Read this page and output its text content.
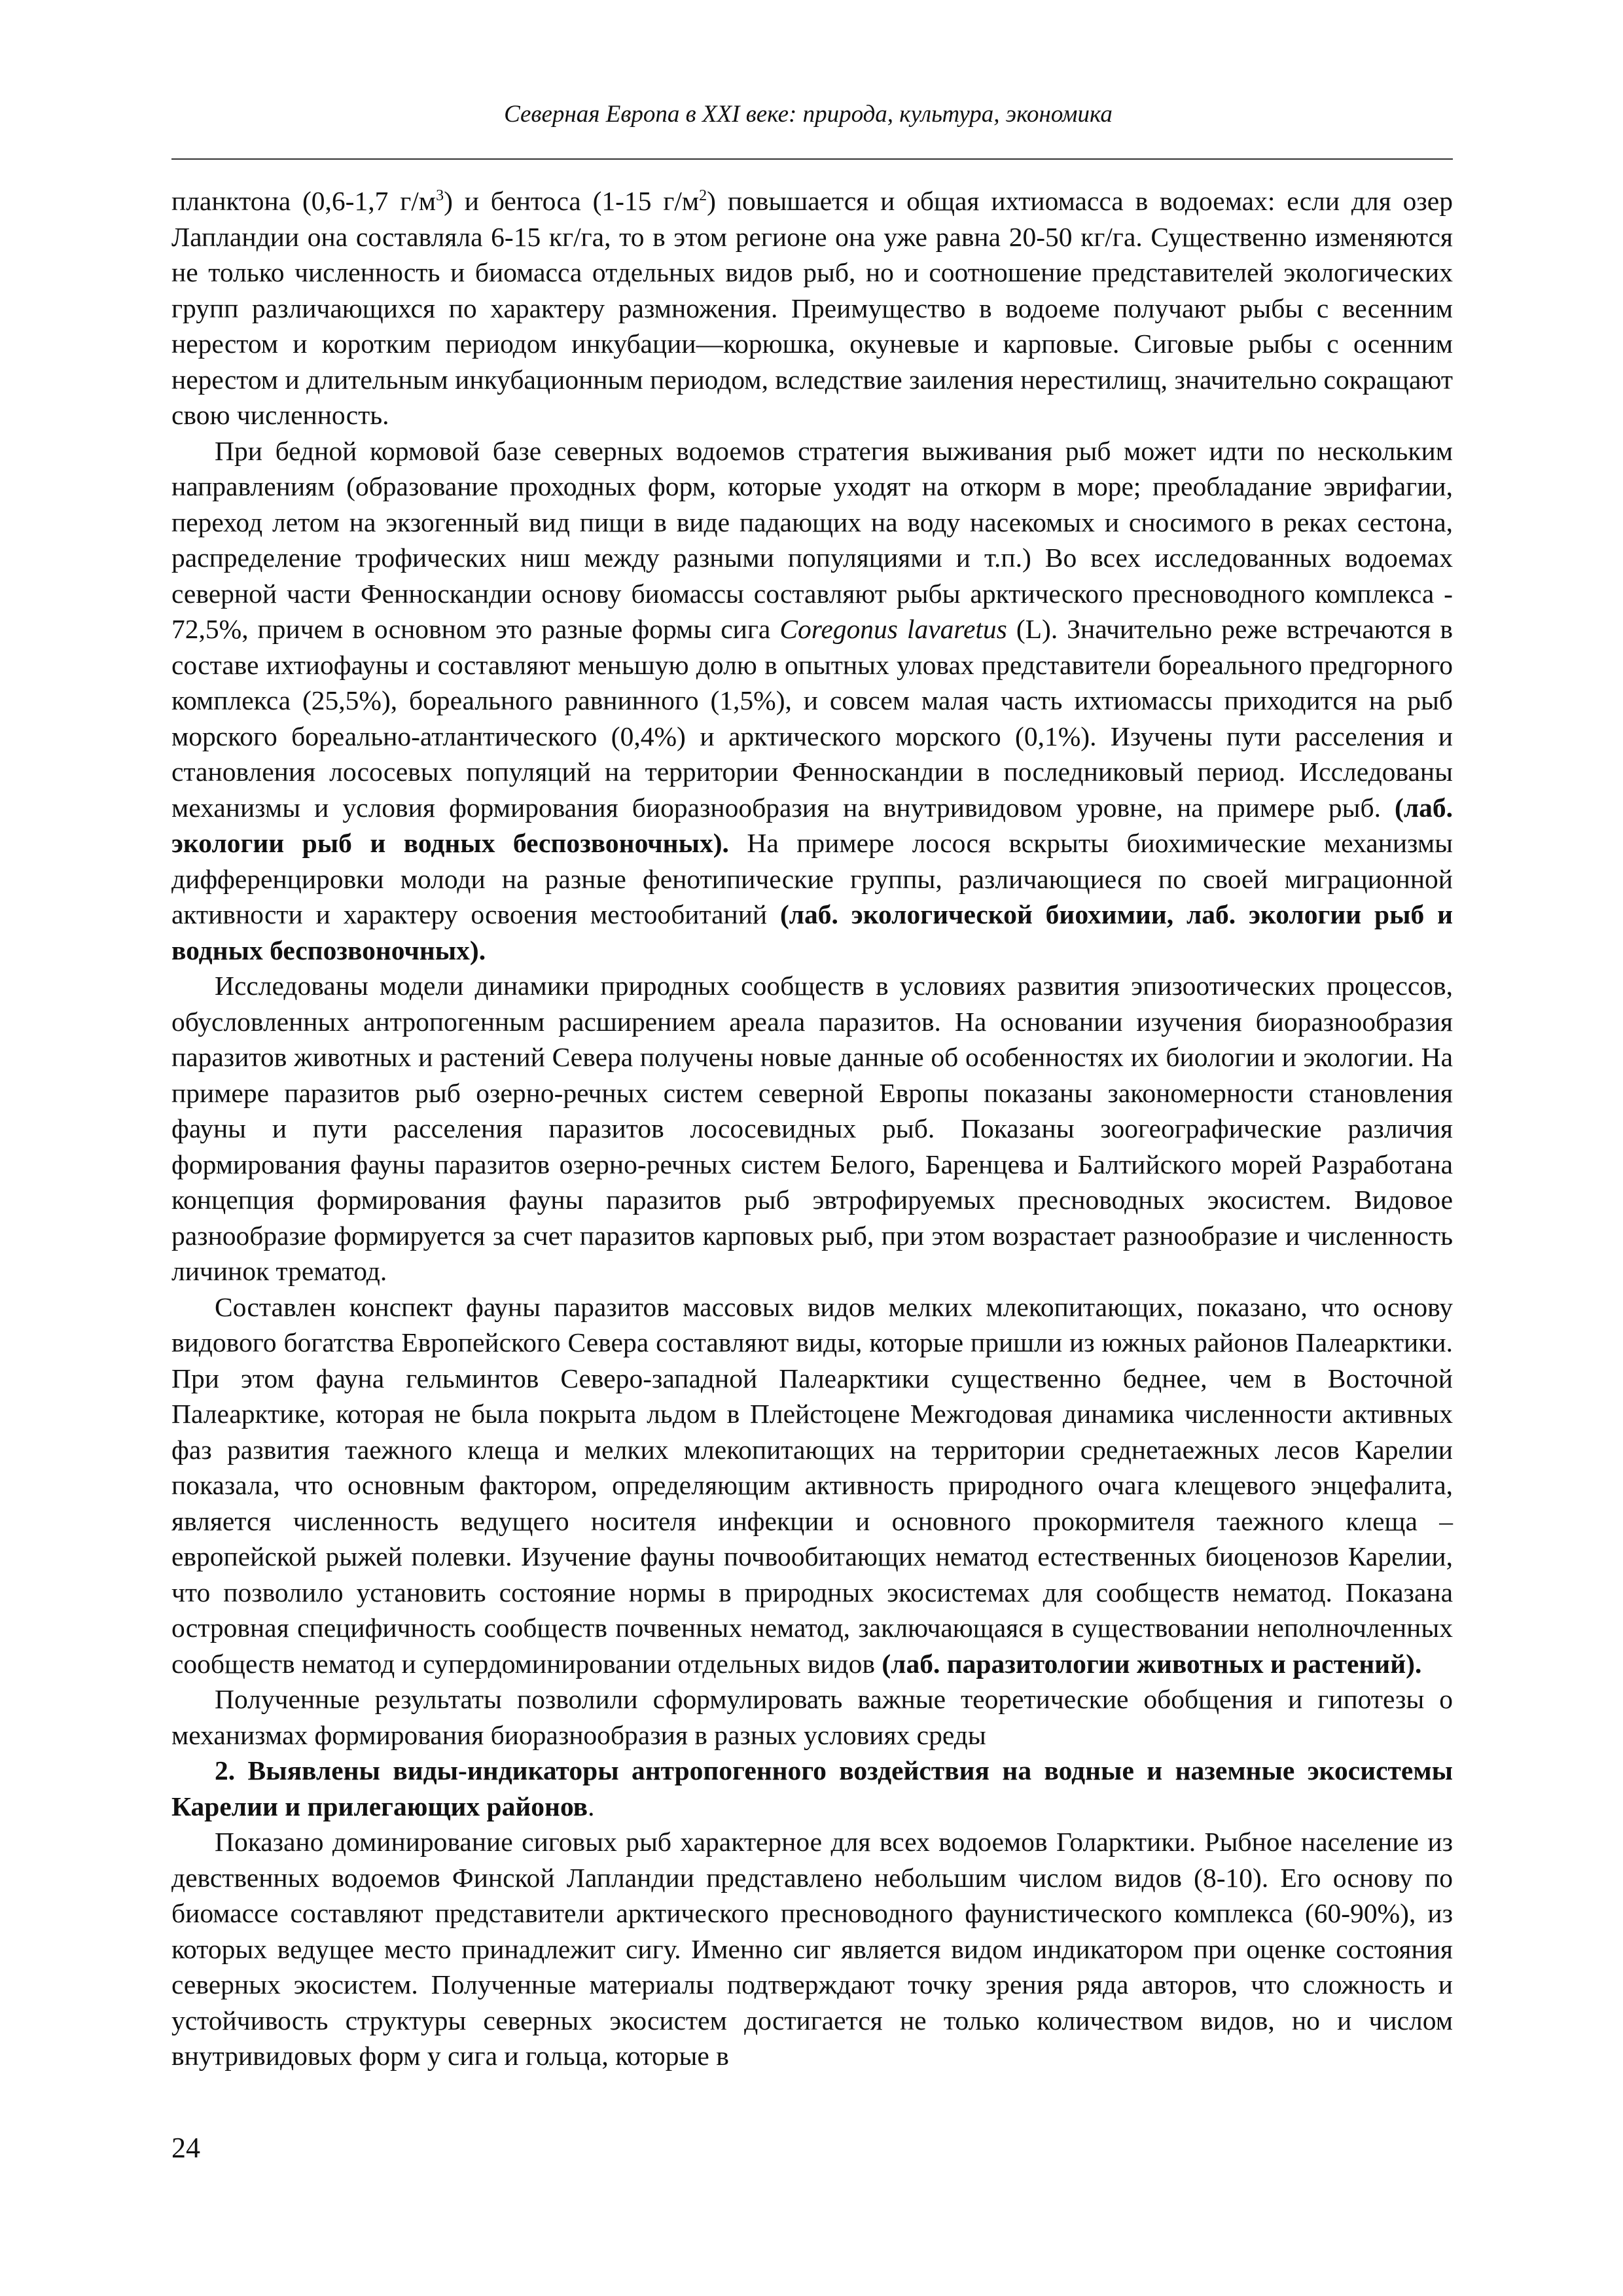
Северная Европа в XXI веке: природа, культура, экономика

планктона (0,6-1,7 $г/м^3$) и бентоса (1-15 $г/м^2$) повышается и общая ихтиомасса в водоемах: если для озер Лапландии она составляла 6-15 кг/га, то в этом регионе она уже равна 20-50 кг/га. Существенно изменяются не только численность и биомасса отдельных видов рыб, но и соотношение представителей экологических групп различающихся по характеру размножения. Преимущество в водоеме получают рыбы с весенним нерестом и коротким периодом инкубации—корюшка, окуневые и карповые. Сиговые рыбы с осенним нерестом и длительным инкубационным периодом, вследствие заиления нерестилищ, значительно сокращают свою численность.

При бедной кормовой базе северных водоемов стратегия выживания рыб может идти по нескольким направлениям (образование проходных форм, которые уходят на откорм в море; преобладание эврифагии, переход летом на экзогенный вид пищи в виде падающих на воду насекомых и сносимого в реках сестона, распределение трофических ниш между разными популяциями и т.п.) Во всех исследованных водоемах северной части Фенноскандии основу биомассы составляют рыбы арктического пресноводного комплекса - 72,5%, причем в основном это разные формы сига Coregonus lavaretus (L). Значительно реже встречаются в составе ихтиофауны и составляют меньшую долю в опытных уловах представители бореального предгорного комплекса (25,5%), бореального равнинного (1,5%), и совсем малая часть ихтиомассы приходится на рыб морского бореально-атлантического (0,4%) и арктического морского (0,1%). Изучены пути расселения и становления лососевых популяций на территории Фенноскандии в последниковый период. Исследованы механизмы и условия формирования биоразнообразия на внутривидовом уровне, на примере рыб. (лаб. экологии рыб и водных беспозвоночных). На примере лосося вскрыты биохимические механизмы дифференцировки молоди на разные фенотипические группы, различающиеся по своей миграционной активности и характеру освоения местообитаний (лаб. экологической биохимии, лаб. экологии рыб и водных беспозвоночных).

Исследованы модели динамики природных сообществ в условиях развития эпизоотических процессов, обусловленных антропогенным расширением ареала паразитов. На основании изучения биоразнообразия паразитов животных и растений Севера получены новые данные об особенностях их биологии и экологии. На примере паразитов рыб озерно-речных систем северной Европы показаны закономерности становления фауны и пути расселения паразитов лососевидных рыб. Показаны зоогеографические различия формирования фауны паразитов озерно-речных систем Белого, Баренцева и Балтийского морей Разработана концепция формирования фауны паразитов рыб эвтрофируемых пресноводных экосистем. Видовое разнообразие формируется за счет паразитов карповых рыб, при этом возрастает разнообразие и численность личинок трематод.

Составлен конспект фауны паразитов массовых видов мелких млекопитающих, показано, что основу видового богатства Европейского Севера составляют виды, которые пришли из южных районов Палеарктики. При этом фауна гельминтов Северо-западной Палеарктики существенно беднее, чем в Восточной Палеарктике, которая не была покрыта льдом в Плейстоцене Межгодовая динамика численности активных фаз развития таежного клеща и мелких млекопитающих на территории среднетаежных лесов Карелии показала, что основным фактором, определяющим активность природного очага клещевого энцефалита, является численность ведущего носителя инфекции и основного прокормителя таежного клеща – европейской рыжей полевки. Изучение фауны почвообитающих нематод естественных биоценозов Карелии, что позволило установить состояние нормы в природных экосистемах для сообществ нематод. Показана островная специфичность сообществ почвенных нематод, заключающаяся в существовании неполночленных сообществ нематод и супердоминировании отдельных видов (лаб. паразитологии животных и растений).

Полученные результаты позволили сформулировать важные теоретические обобщения и гипотезы о механизмах формирования биоразнообразия в разных условиях среды

2. Выявлены виды-индикаторы антропогенного воздействия на водные и наземные экосистемы Карелии и прилегающих районов.

Показано доминирование сиговых рыб характерное для всех водоемов Голарктики. Рыбное население из девственных водоемов Финской Лапландии представлено небольшим числом видов (8-10). Его основу по биомассе составляют представители арктического пресноводного фаунистического комплекса (60-90%), из которых ведущее место принадлежит сигу. Именно сиг является видом индикатором при оценке состояния северных экосистем. Полученные материалы подтверждают точку зрения ряда авторов, что сложность и устойчивость структуры северных экосистем достигается не только количеством видов, но и числом внутривидовых форм у сига и гольца, которые в

24
